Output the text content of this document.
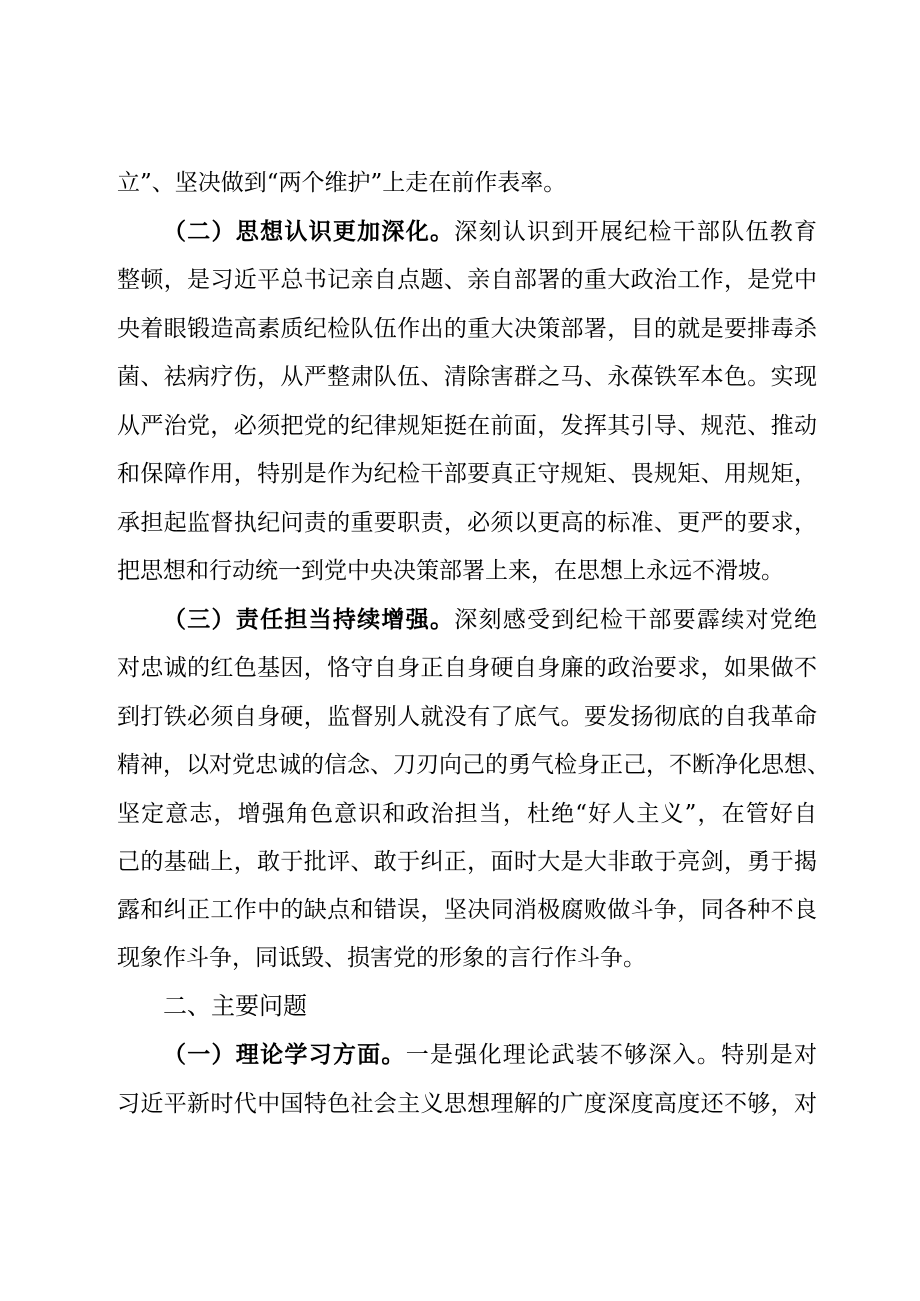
立”、坚决做到“两个维护”上走在前作表率。
（二）思想认识更加深化。深刻认识到开展纪检干部队伍教育
整顿，是习近平总书记亲自点题、亲自部署的重大政治工作，是党中
央着眼锻造高素质纪检队伍作出的重大决策部署，目的就是要排毒杀
菌、祛病疗伤，从严整肃队伍、清除害群之马、永葆铁军本色。实现
从严治党，必须把党的纪律规矩挺在前面，发挥其引导、规范、推动
和保障作用，特别是作为纪检干部要真正守规矩、畏规矩、用规矩，
承担起监督执纪问责的重要职责，必须以更高的标准、更严的要求，
把思想和行动统一到党中央决策部署上来，在思想上永远不滑坡。
（三）责任担当持续增强。深刻感受到纪检干部要霹续对党绝
对忠诚的红色基因，恪守自身正自身硬自身廉的政治要求，如果做不
到打铁必须自身硬，监督别人就没有了底气。要发扬彻底的自我革命
精神，以对党忠诚的信念、刀刃向己的勇气检身正己，不断净化思想、
坚定意志，增强角色意识和政治担当，杜绝“好人主义”，在管好自
己的基础上，敢于批评、敢于纠正，面时大是大非敢于亮剑，勇于揭
露和纠正工作中的缺点和错误，坚决同消极腐败做斗争，同各种不良
现象作斗争，同诋毁、损害党的形象的言行作斗争。
二、主要问题
（一）理论学习方面。一是强化理论武装不够深入。特别是对
习近平新时代中国特色社会主义思想理解的广度深度高度还不够，对
